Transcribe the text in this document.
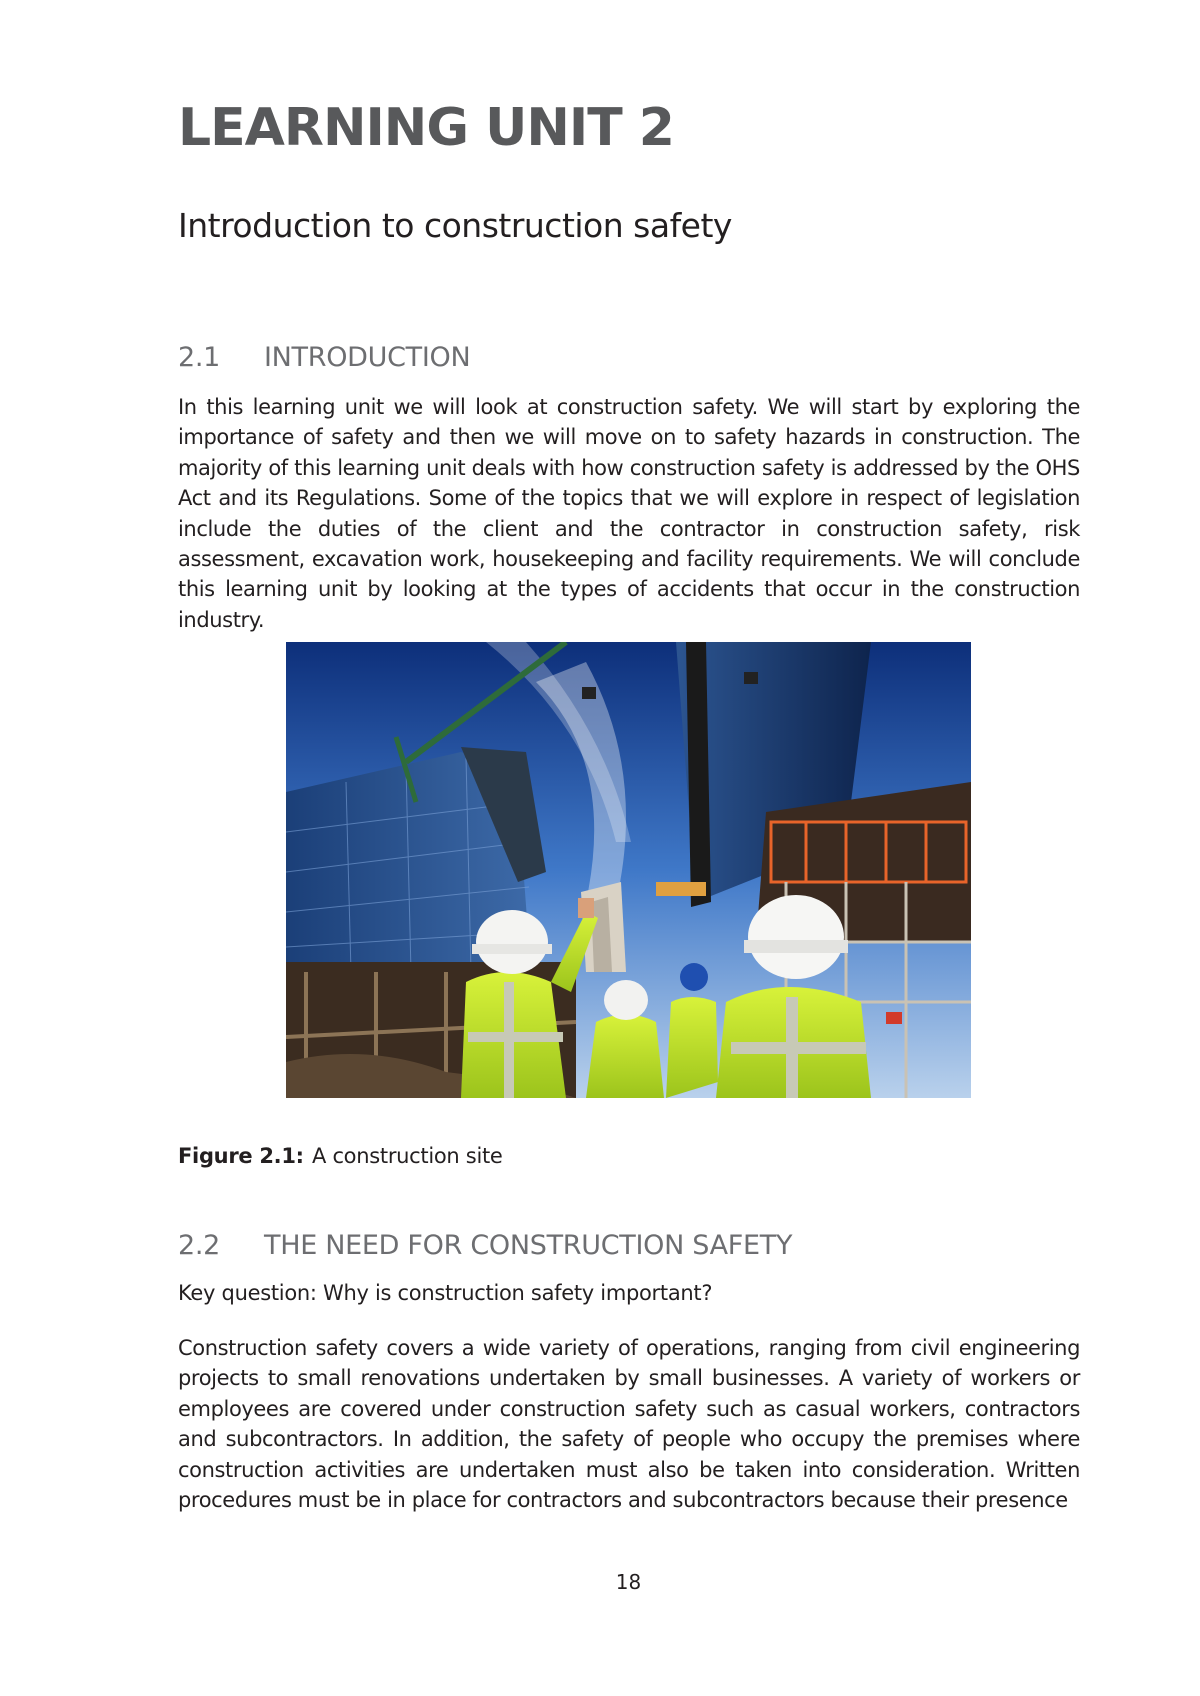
LEARNING UNIT 2
Introduction to construction safety
2.1 INTRODUCTION

In this learning unit we will look at construction safety. We will start by exploring the importance of safety and then we will move on to safety hazards in construction. The majority of this learning unit deals with how construction safety is addressed by the OHS Act and its Regulations. Some of the topics that we will explore in respect of legislation include the duties of the client and the contractor in construction safety, risk assessment, excavation work, housekeeping and facility requirements. We will conclude this learning unit by looking at the types of accidents that occur in the construction industry.

Figure 2.1: A construction site

2.2 THE NEED FOR CONSTRUCTION SAFETY

Key question: Why is construction safety important?

Construction safety covers a wide variety of operations, ranging from civil engineering projects to small renovations undertaken by small businesses. A variety of workers or employees are covered under construction safety such as casual workers, contractors and subcontractors. In addition, the safety of people who occupy the premises where construction activities are undertaken must also be taken into consideration. Written procedures must be in place for contractors and subcontractors because their presence

18
